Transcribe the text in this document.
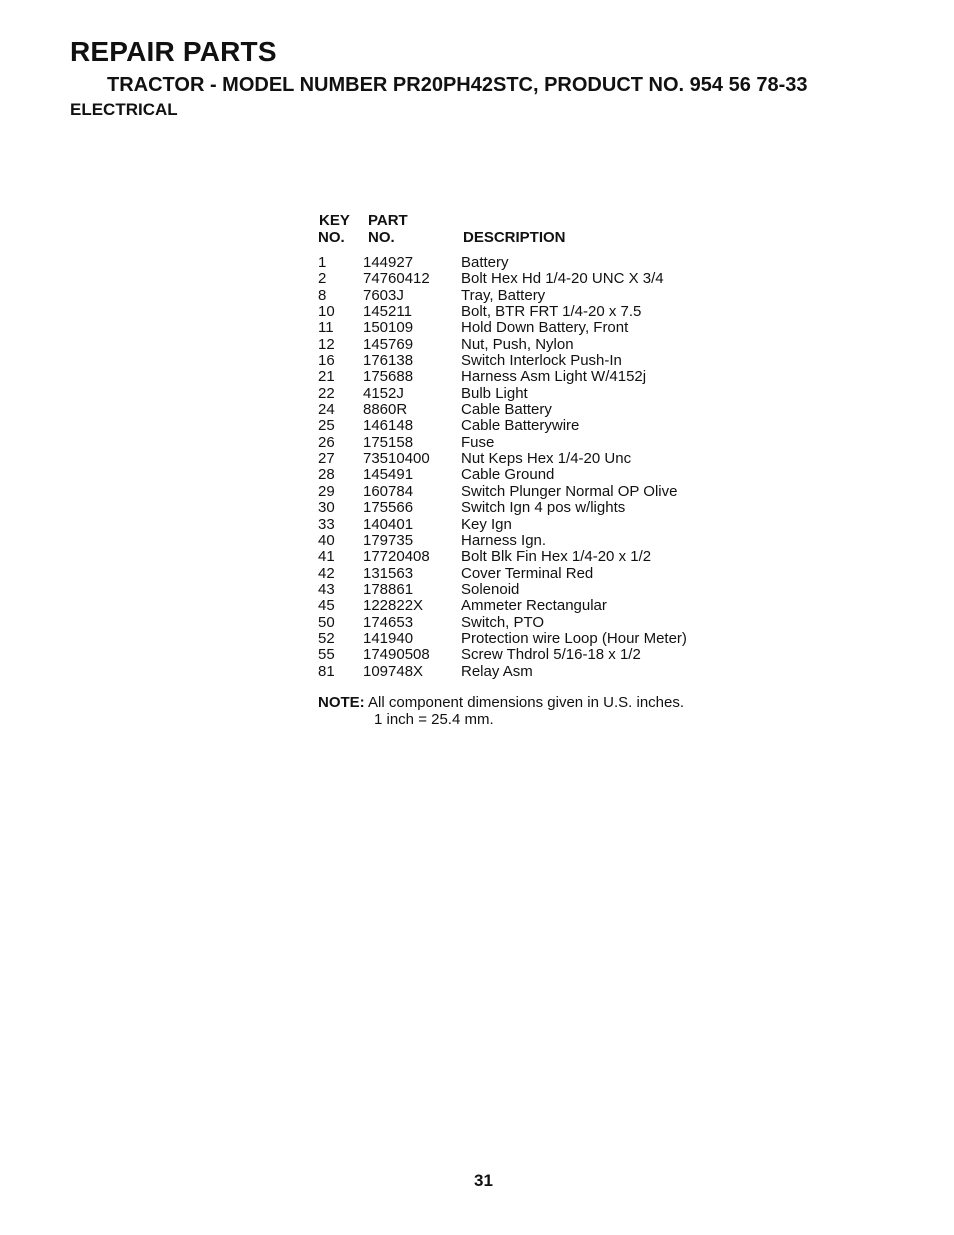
REPAIR PARTS
TRACTOR - MODEL NUMBER PR20PH42STC, PRODUCT NO. 954 56 78-33
ELECTRICAL
KEY
NO.
PART
NO.	DESCRIPTION
1 144927	Battery
2 74760412 Bolt Hex Hd 1/4-20 UNC X 3/4
8 7603J	Tray, Battery
10 145211	Bolt, BTR FRT 1/4-20 x 7.5
11 150109	Hold Down Battery, Front
12 145769	Nut, Push, Nylon
16 176138	Switch Interlock Push-In
21 175688	Harness Asm Light W/4152j
22 4152J	Bulb Light
24 8860R	Cable Battery
25 146148	Cable Batterywire
26 175158	Fuse
27 73510400 Nut Keps Hex 1/4-20 Unc
28 145491	Cable Ground
29 160784	Switch Plunger Normal OP Olive
30 175566	Switch Ign 4 pos w/lights
33 140401	Key Ign
40 179735	Harness Ign.
41 17720408 Bolt Blk Fin Hex 1/4-20 x 1/2
42 131563	Cover Terminal Red
43 178861	Solenoid
45 122822X	Ammeter Rectangular
50 174653	Switch, PTO
52 141940	Protection wire Loop (Hour Meter)
55 17490508 Screw Thdrol 5/16-18 x 1/2
81 109748X	Relay Asm
NOTE: All component dimensions given in U.S. inches.
1 inch = 25.4 mm.
31
